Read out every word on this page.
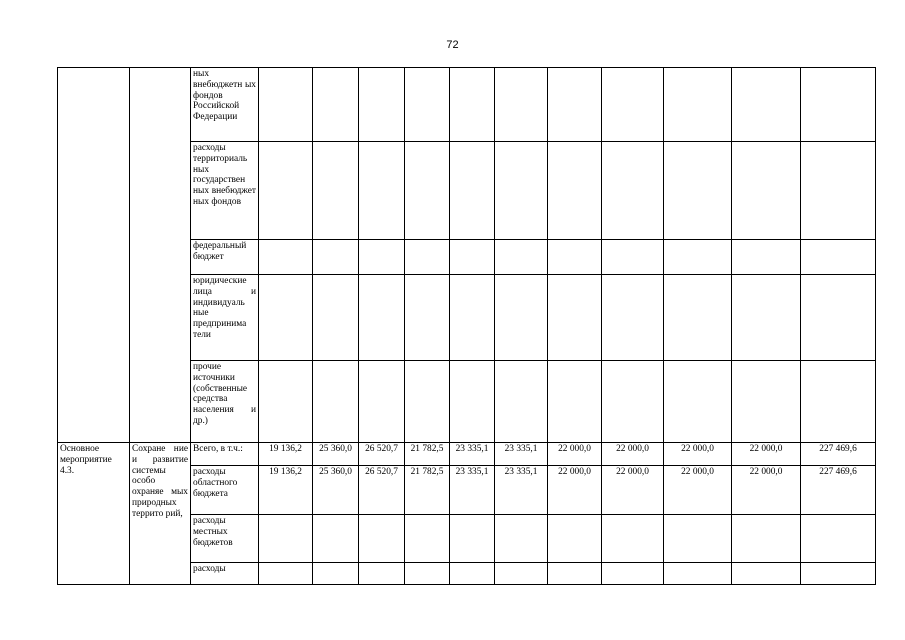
72
		ных внебюджетн ых фондов Российской Федерации											
		расходы территориаль ных государствен ных внебюджет ных фондов											
		федеральный бюджет											
		юридические лица и индивидуаль ные предпринима тели											
		прочие источники (собственные средства населения и др.)											
Основное мероприятие 4.3.	Сохране ние и развитие системы особо охраняе мых природных террито рий,	Всего, в т.ч.:	19 136,2	25 360,0	26 520,7	21 782,5	23 335,1	23 335,1	22 000,0	22 000,0	22 000,0	22 000,0	227 469,6
		расходы областного бюджета	19 136,2	25 360,0	26 520,7	21 782,5	23 335,1	23 335,1	22 000,0	22 000,0	22 000,0	22 000,0	227 469,6
		расходы местных бюджетов											
		расходы											
